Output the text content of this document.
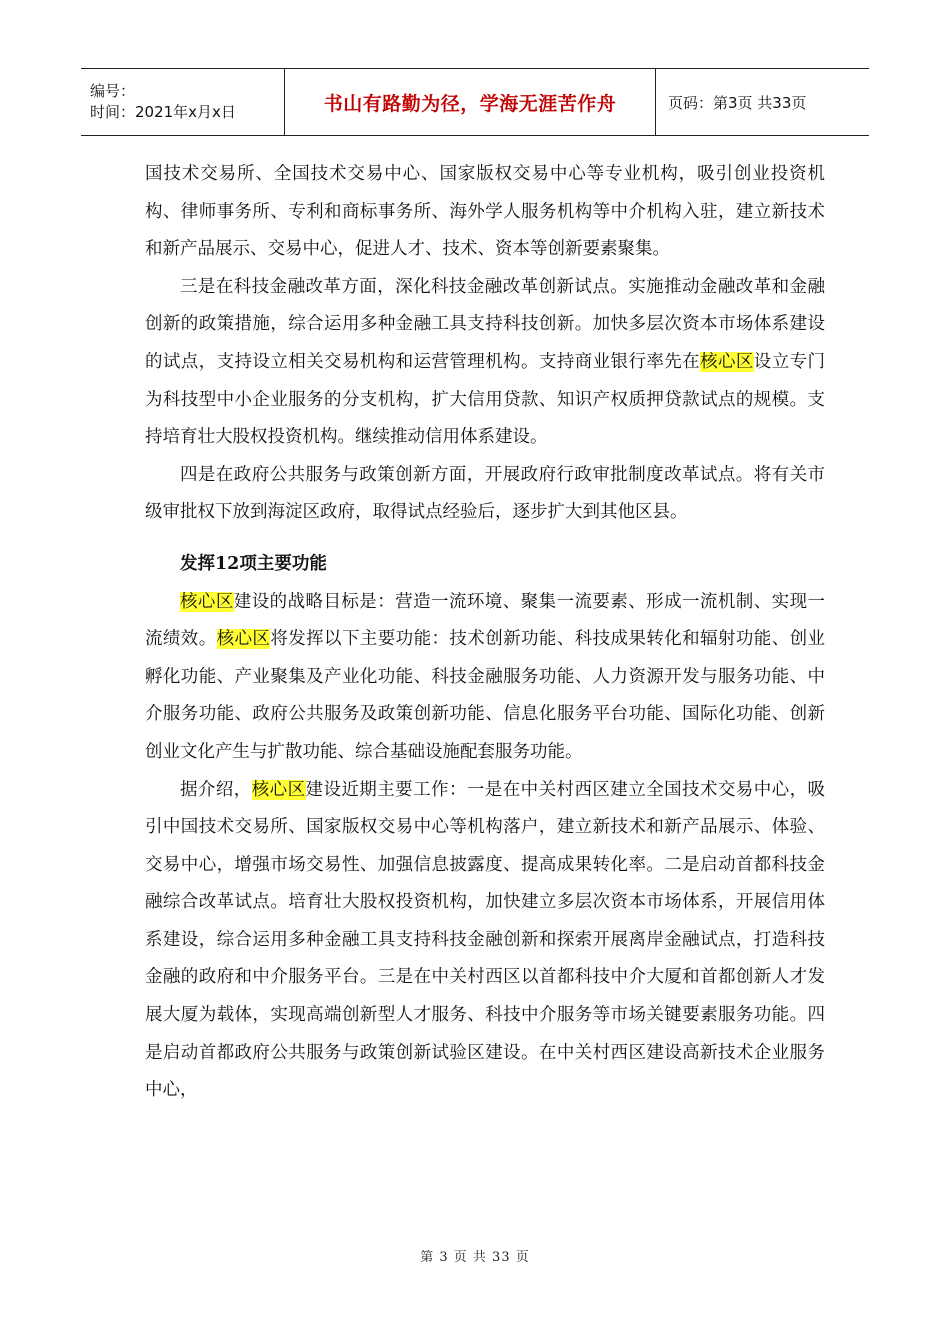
编号：
时间：2021年x月x日	书山有路勤为径，学海无涯苦作舟	页码：第3页 共33页

国技术交易所、全国技术交易中心、国家版权交易中心等专业机构，吸引创业投资机构、律师事务所、专利和商标事务所、海外学人服务机构等中介机构入驻，建立新技术和新产品展示、交易中心，促进人才、技术、资本等创新要素聚集。

三是在科技金融改革方面，深化科技金融改革创新试点。实施推动金融改革和金融创新的政策措施，综合运用多种金融工具支持科技创新。加快多层次资本市场体系建设的试点，支持设立相关交易机构和运营管理机构。支持商业银行率先在核心区设立专门为科技型中小企业服务的分支机构，扩大信用贷款、知识产权质押贷款试点的规模。支持培育壮大股权投资机构。继续推动信用体系建设。

四是在政府公共服务与政策创新方面，开展政府行政审批制度改革试点。将有关市级审批权下放到海淀区政府，取得试点经验后，逐步扩大到其他区县。

发挥12项主要功能

核心区建设的战略目标是：营造一流环境、聚集一流要素、形成一流机制、实现一流绩效。核心区将发挥以下主要功能：技术创新功能、科技成果转化和辐射功能、创业孵化功能、产业聚集及产业化功能、科技金融服务功能、人力资源开发与服务功能、中介服务功能、政府公共服务及政策创新功能、信息化服务平台功能、国际化功能、创新创业文化产生与扩散功能、综合基础设施配套服务功能。

据介绍，核心区建设近期主要工作：一是在中关村西区建立全国技术交易中心，吸引中国技术交易所、国家版权交易中心等机构落户，建立新技术和新产品展示、体验、交易中心，增强市场交易性、加强信息披露度、提高成果转化率。二是启动首都科技金融综合改革试点。培育壮大股权投资机构，加快建立多层次资本市场体系，开展信用体系建设，综合运用多种金融工具支持科技金融创新和探索开展离岸金融试点，打造科技金融的政府和中介服务平台。三是在中关村西区以首都科技中介大厦和首都创新人才发展大厦为载体，实现高端创新型人才服务、科技中介服务等市场关键要素服务功能。四是启动首都政府公共服务与政策创新试验区建设。在中关村西区建设高新技术企业服务中心，

第 3 页 共 33 页
